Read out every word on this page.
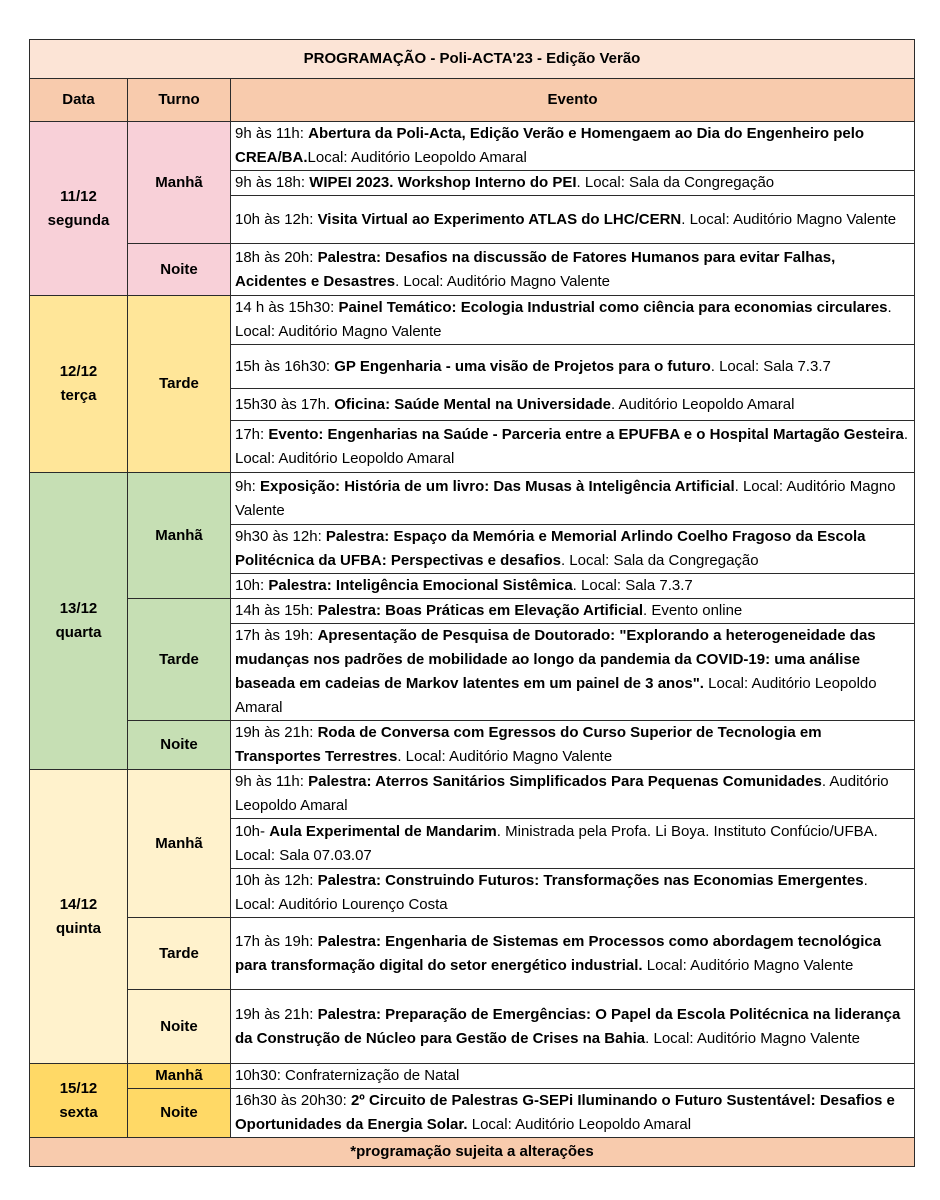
PROGRAMAÇÃO - Poli-ACTA'23 - Edição Verão		
Data	Turno	Evento

11/12
segunda	Manhã	9h às 11h: Abertura da Poli-Acta, Edição Verão e Homengaem ao Dia do Engenheiro pelo CREA/BA.Local: Auditório Leopoldo Amaral
		9h às 18h: WIPEI 2023. Workshop Interno do PEI. Local: Sala da Congregação
		10h às 12h: Visita Virtual ao Experimento ATLAS do LHC/CERN. Local: Auditório Magno Valente
	Noite	18h às 20h: Palestra: Desafios na discussão de Fatores Humanos para evitar Falhas, Acidentes e Desastres. Local: Auditório Magno Valente

12/12
terça	Tarde	14 h às 15h30: Painel Temático: Ecologia Industrial como ciência para economias circulares. Local: Auditório Magno Valente
		15h às 16h30: GP Engenharia - uma visão de Projetos para o futuro. Local: Sala 7.3.7
		15h30 às 17h. Oficina: Saúde Mental na Universidade. Auditório Leopoldo Amaral
		17h: Evento: Engenharias na Saúde - Parceria entre a EPUFBA e o Hospital Martagão Gesteira. Local: Auditório Leopoldo Amaral

13/12
quarta	Manhã	9h: Exposição: História de um livro: Das Musas à Inteligência Artificial. Local: Auditório Magno Valente
		9h30 às 12h: Palestra: Espaço da Memória e Memorial Arlindo Coelho Fragoso da Escola Politécnica da UFBA: Perspectivas e desafios. Local: Sala da Congregação
		10h: Palestra: Inteligência Emocional Sistêmica. Local: Sala 7.3.7
	Tarde	14h às 15h: Palestra: Boas Práticas em Elevação Artificial. Evento online
		17h às 19h: Apresentação de Pesquisa de Doutorado: "Explorando a heterogeneidade das mudanças nos padrões de mobilidade ao longo da pandemia da COVID-19: uma análise baseada em cadeias de Markov latentes em um painel de 3 anos". Local: Auditório Leopoldo Amaral
	Noite	19h às 21h: Roda de Conversa com Egressos do Curso Superior de Tecnologia em Transportes Terrestres. Local: Auditório Magno Valente

14/12
quinta	Manhã	9h às 11h: Palestra: Aterros Sanitários Simplificados Para Pequenas Comunidades. Auditório Leopoldo Amaral
		10h- Aula Experimental de Mandarim. Ministrada pela Profa. Li Boya. Instituto Confúcio/UFBA. Local: Sala 07.03.07
		10h às 12h: Palestra: Construindo Futuros: Transformações nas Economias Emergentes. Local: Auditório Lourenço Costa
	Tarde	17h às 19h: Palestra: Engenharia de Sistemas em Processos como abordagem tecnológica para transformação digital do setor energético industrial. Local: Auditório Magno Valente
	Noite	19h às 21h: Palestra: Preparação de Emergências: O Papel da Escola Politécnica na liderança da Construção de Núcleo para Gestão de Crises na Bahia. Local: Auditório Magno Valente

15/12
sexta	Manhã	10h30: Confraternização de Natal
	Noite	16h30 às 20h30: 2º Circuito de Palestras G-SEPi Iluminando o Futuro Sustentável: Desafios e Oportunidades da Energia Solar. Local: Auditório Leopoldo Amaral
*programação sujeita a alterações		
